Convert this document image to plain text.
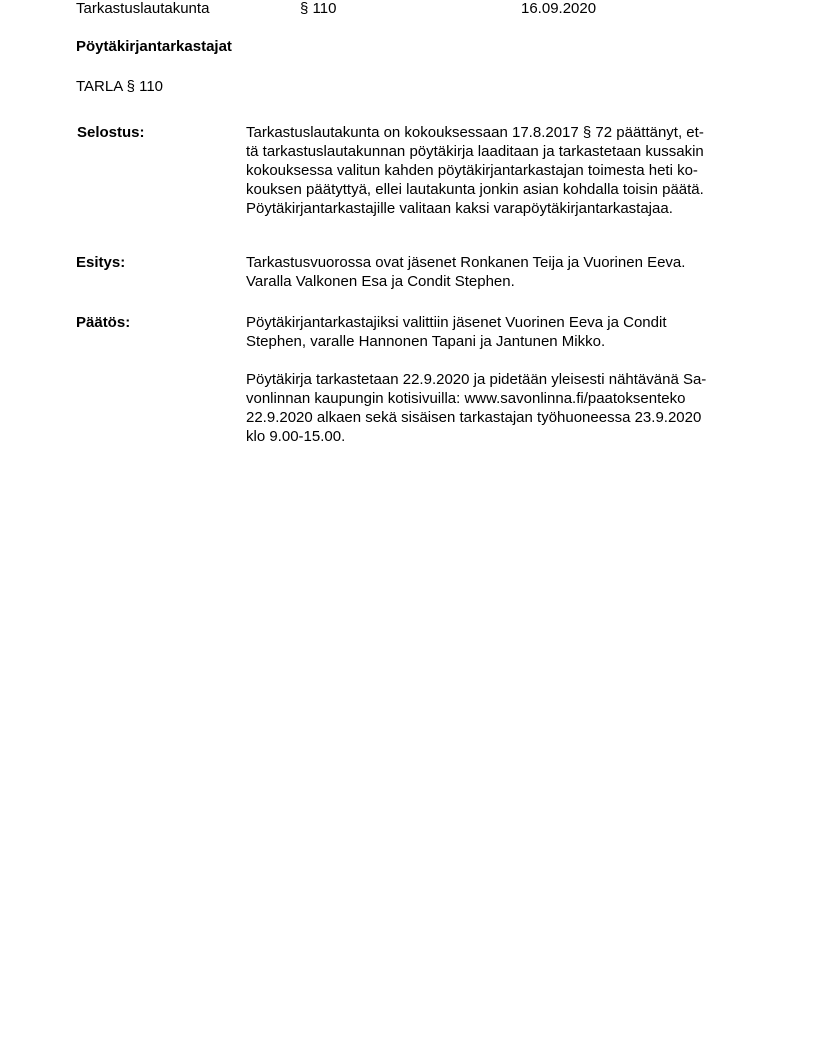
Tarkastuslautakunta	§ 110	16.09.2020
Pöytäkirjantarkastajat
TARLA § 110
Selostus:	Tarkastuslautakunta on kokouksessaan 17.8.2017 § 72 päättänyt, et-
tä tarkastuslautakunnan pöytäkirja laaditaan ja tarkastetaan kussakin
kokouksessa valitun kahden pöytäkirjantarkastajan toimesta heti ko-
kouksen päätyttyä, ellei lautakunta jonkin asian kohdalla toisin päätä.
Pöytäkirjantarkastajille valitaan kaksi varapöytäkirjantarkastajaa.

Esitys:	Tarkastusvuorossa ovat jäsenet Ronkanen Teija ja Vuorinen Eeva.
Varalla Valkonen Esa ja Condit Stephen.

Päätös:	Pöytäkirjantarkastajiksi valittiin jäsenet Vuorinen Eeva ja Condit
Stephen, varalle Hannonen Tapani ja Jantunen Mikko.

Pöytäkirja tarkastetaan 22.9.2020 ja pidetään yleisesti nähtävänä Sa-
vonlinnan kaupungin kotisivuilla: www.savonlinna.fi/paatoksenteko
22.9.2020 alkaen sekä sisäisen tarkastajan työhuoneessa 23.9.2020
klo 9.00-15.00.
